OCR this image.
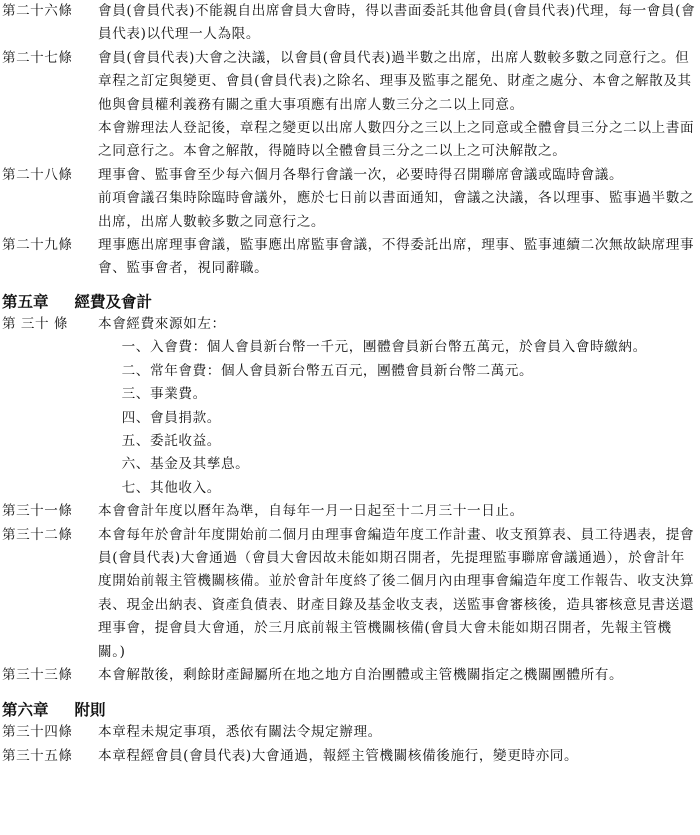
第二十六條	會員(會員代表)不能親自出席會員大會時，得以書面委託其他會員(會員代表)代理，每一會員(會員代表)以代理一人為限。

第二十七條	會員(會員代表)大會之決議，以會員(會員代表)過半數之出席，出席人數較多數之同意行之。但章程之訂定與變更、會員(會員代表)之除名、理事及監事之罷免、財產之處分、本會之解散及其他與會員權利義務有關之重大事項應有出席人數三分之二以上同意。

本會辦理法人登記後，章程之變更以出席人數四分之三以上之同意或全體會員三分之二以上書面之同意行之。本會之解散，得隨時以全體會員三分之二以上之可決解散之。

第二十八條	理事會、監事會至少每六個月各舉行會議一次，必要時得召開聯席會議或臨時會議。

前項會議召集時除臨時會議外，應於七日前以書面通知，會議之決議，各以理事、監事過半數之出席，出席人數較多數之同意行之。

第二十九條	理事應出席理事會議，監事應出席監事會議，不得委託出席，理事、監事連續二次無故缺席理事會、監事會者，視同辭職。

第五章 經費及會計
第 三十 條	本會經費來源如左：

一、 入會費：個人會員新台幣一千元，團體會員新台幣五萬元，於會員入會時繳納。
二、 常年會費：個人會員新台幣五百元，團體會員新台幣二萬元。
三、 事業費。
四、 會員捐款。
五、 委託收益。
六、 基金及其孳息。
七、 其他收入。
第三十一條	本會會計年度以曆年為準，自每年一月一日起至十二月三十一日止。

第三十二條	本會每年於會計年度開始前二個月由理事會編造年度工作計畫、收支預算表、員工待遇表，提會員(會員代表)大會通過（會員大會因故未能如期召開者，先提理監事聯席會議通過），於會計年度開始前報主管機關核備。並於會計年度終了後二個月內由理事會編造年度工作報告、收支決算表、現金出納表、資產負債表、財產目錄及基金收支表，送監事會審核後，造具審核意見書送還理事會，提會員大會通，於三月底前報主管機關核備(會員大會未能如期召開者，先報主管機關。)

第三十三條	本會解散後，剩餘財產歸屬所在地之地方自治團體或主管機關指定之機關團體所有。

第六章 附則
第三十四條	本章程未規定事項，悉依有關法令規定辦理。

第三十五條	本章程經會員(會員代表)大會通過，報經主管機關核備後施行，變更時亦同。
